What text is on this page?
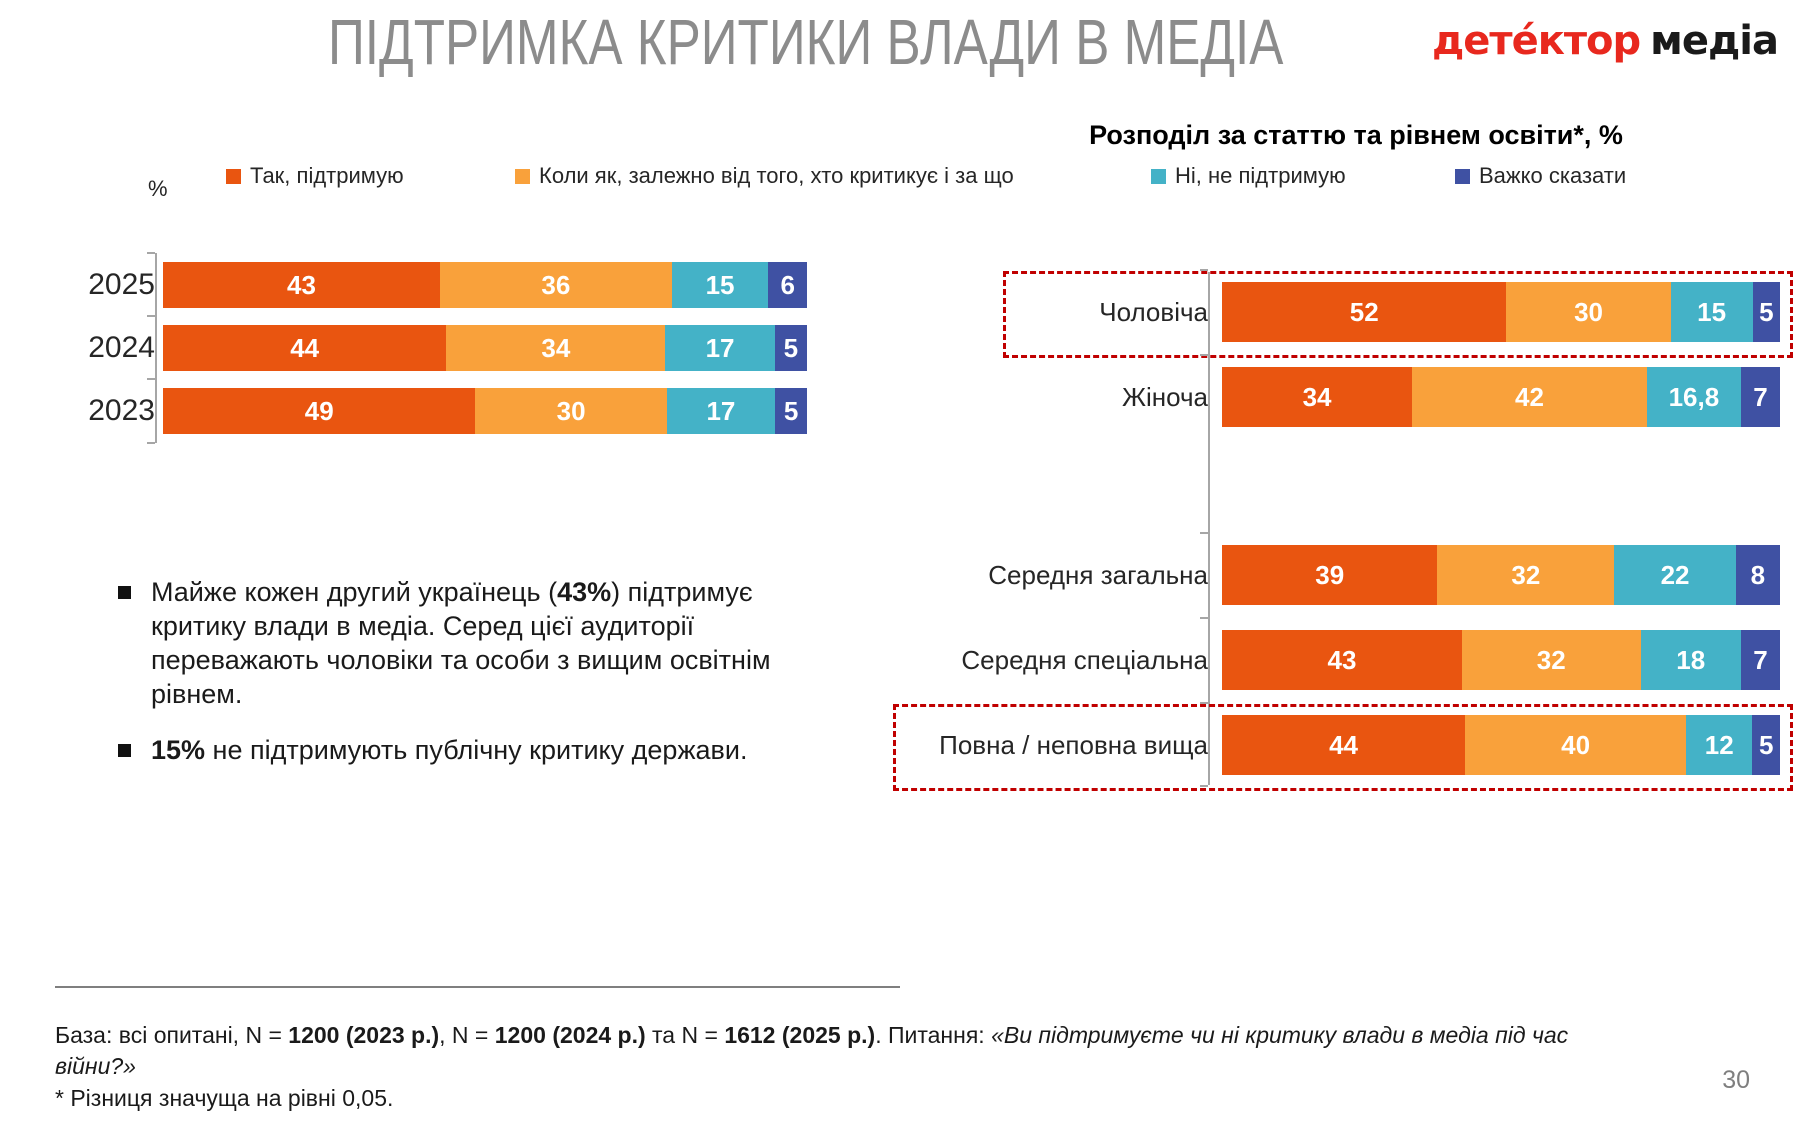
ПІДТРИМКА КРИТИКИ ВЛАДИ В МЕДІА	детéктор медіа
Розподіл за статтю та рівнем освіти*, %
Так, підтримую	Коли як, залежно від того, хто критикує і за що	Ні, не підтримую	Важко сказати
%
2025	43	36	15 6
2024	44	34	17 5
2023	49	30	17 5
Чоловіча	52	30	15 5
Жіноча	34	42	16,8 7
Середня загальна	39	32	22 8
Середня спеціальна	43	32	18 7
Повна / неповна вища	44	40	12 5
Майже кожен другий українець (43%) підтримує критику влади в медіа. Серед цієї аудиторії переважають чоловіки та особи з вищим освітнім рівнем.
15% не підтримують публічну критику держави.
База: всі опитані, N = 1200 (2023 р.), N = 1200 (2024 р.) та N = 1612 (2025 р.). Питання: «Ви підтримуєте чи ні критику влади в медіа під час війни?»
* Різниця значуща на рівні 0,05.
30
